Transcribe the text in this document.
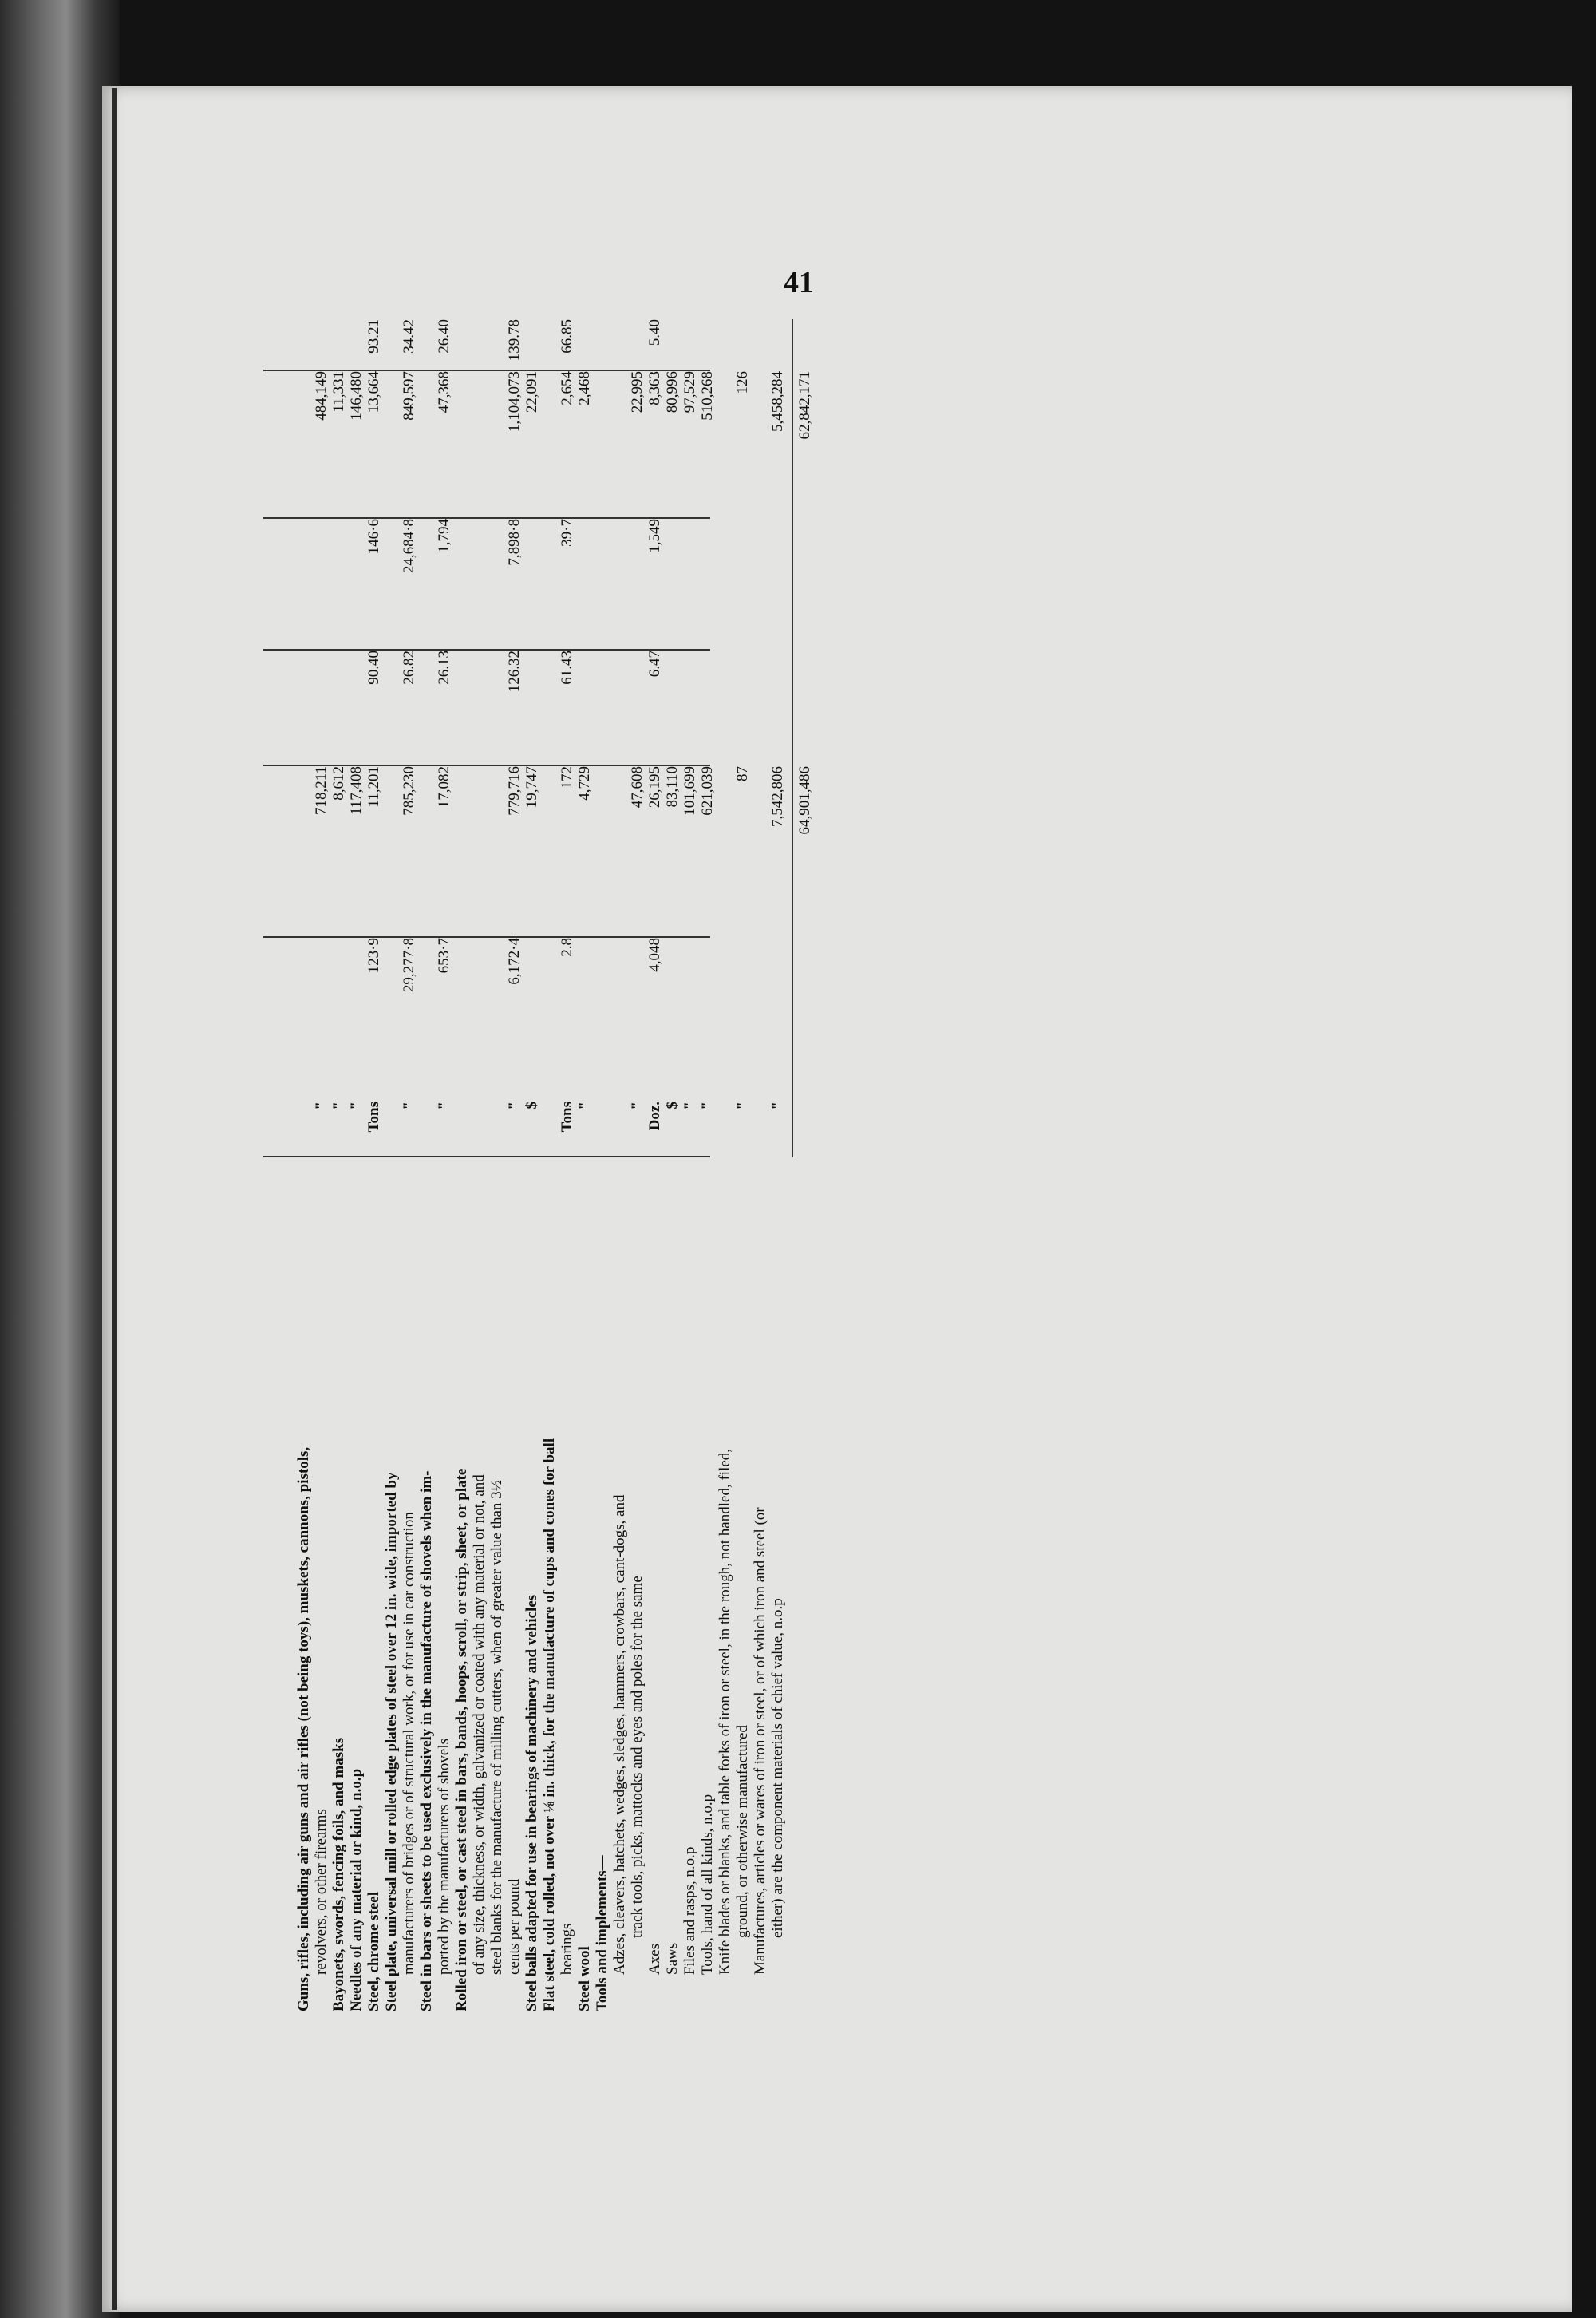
41
Guns, rifles, including air guns and air rifles (not being toys), muskets, cannons, pistols, revolvers, or other firearms
"
718,211
484,149
Bayonets, swords, fencing foils, and masks
"
8,612
11,331
Needles of any material or kind, n.o.p
"
117,408
146,480
Steel, chrome steel
Tons
123·9
11,201
90.40
146·6
13,664
93.21
Steel plate, universal mill or rolled edge plates of steel over 12 in. wide, imported by manufacturers of bridges or of structural work, or for use in car construction
"
29,277·8
785,230
26.82
24,684·8
849,597
34.42
Steel in bars or sheets to be used exclusively in the manufacture of shovels when im- ported by the manufacturers of shovels
"
653·7
17,082
26.13
1,794
47,368
26.40
Rolled iron or steel, or cast steel in bars, bands, hoops, scroll, or strip, sheet, or plate of any size, thickness, or width, galvanized or coated with any material or not, and steel blanks for the manufacture of milling cutters, when of greater value than 3½ cents per pound
"
6,172·4
779,716
126.32
7,898·8
1,104,073
139.78
Steel balls adapted for use in bearings of machinery and vehicles
$
19,747
22,091
Flat steel, cold rolled, not over ⅛ in. thick, for the manufacture of cups and cones for ball bearings
Tons
2.8
172
61.43
39·7
2,654
66.85
Steel wool
"
4,729
2,468
Tools and implements— Adzes, cleavers, hatchets, wedges, sledges, hammers, crowbars, cant-dogs, and track tools, picks, mattocks and eyes and poles for the same
"
47,608
22,995
Axes
Doz.
4,048
26,195
6.47
1,549
8,363
5.40
Saws
$
83,110
80,996
Files and rasps, n.o.p
"
101,699
97,529
Tools, hand of all kinds, n.o.p
"
621,039
510,268
Knife blades or blanks, and table forks of iron or steel, in the rough, not handled, filed, ground, or otherwise manufactured
"
87
126
Manufactures, articles or wares of iron or steel, or of which iron and steel (or either) are the component materials of chief value, n.o.p
"
7,542,806
5,458,284
64,901,486
62,842,171
